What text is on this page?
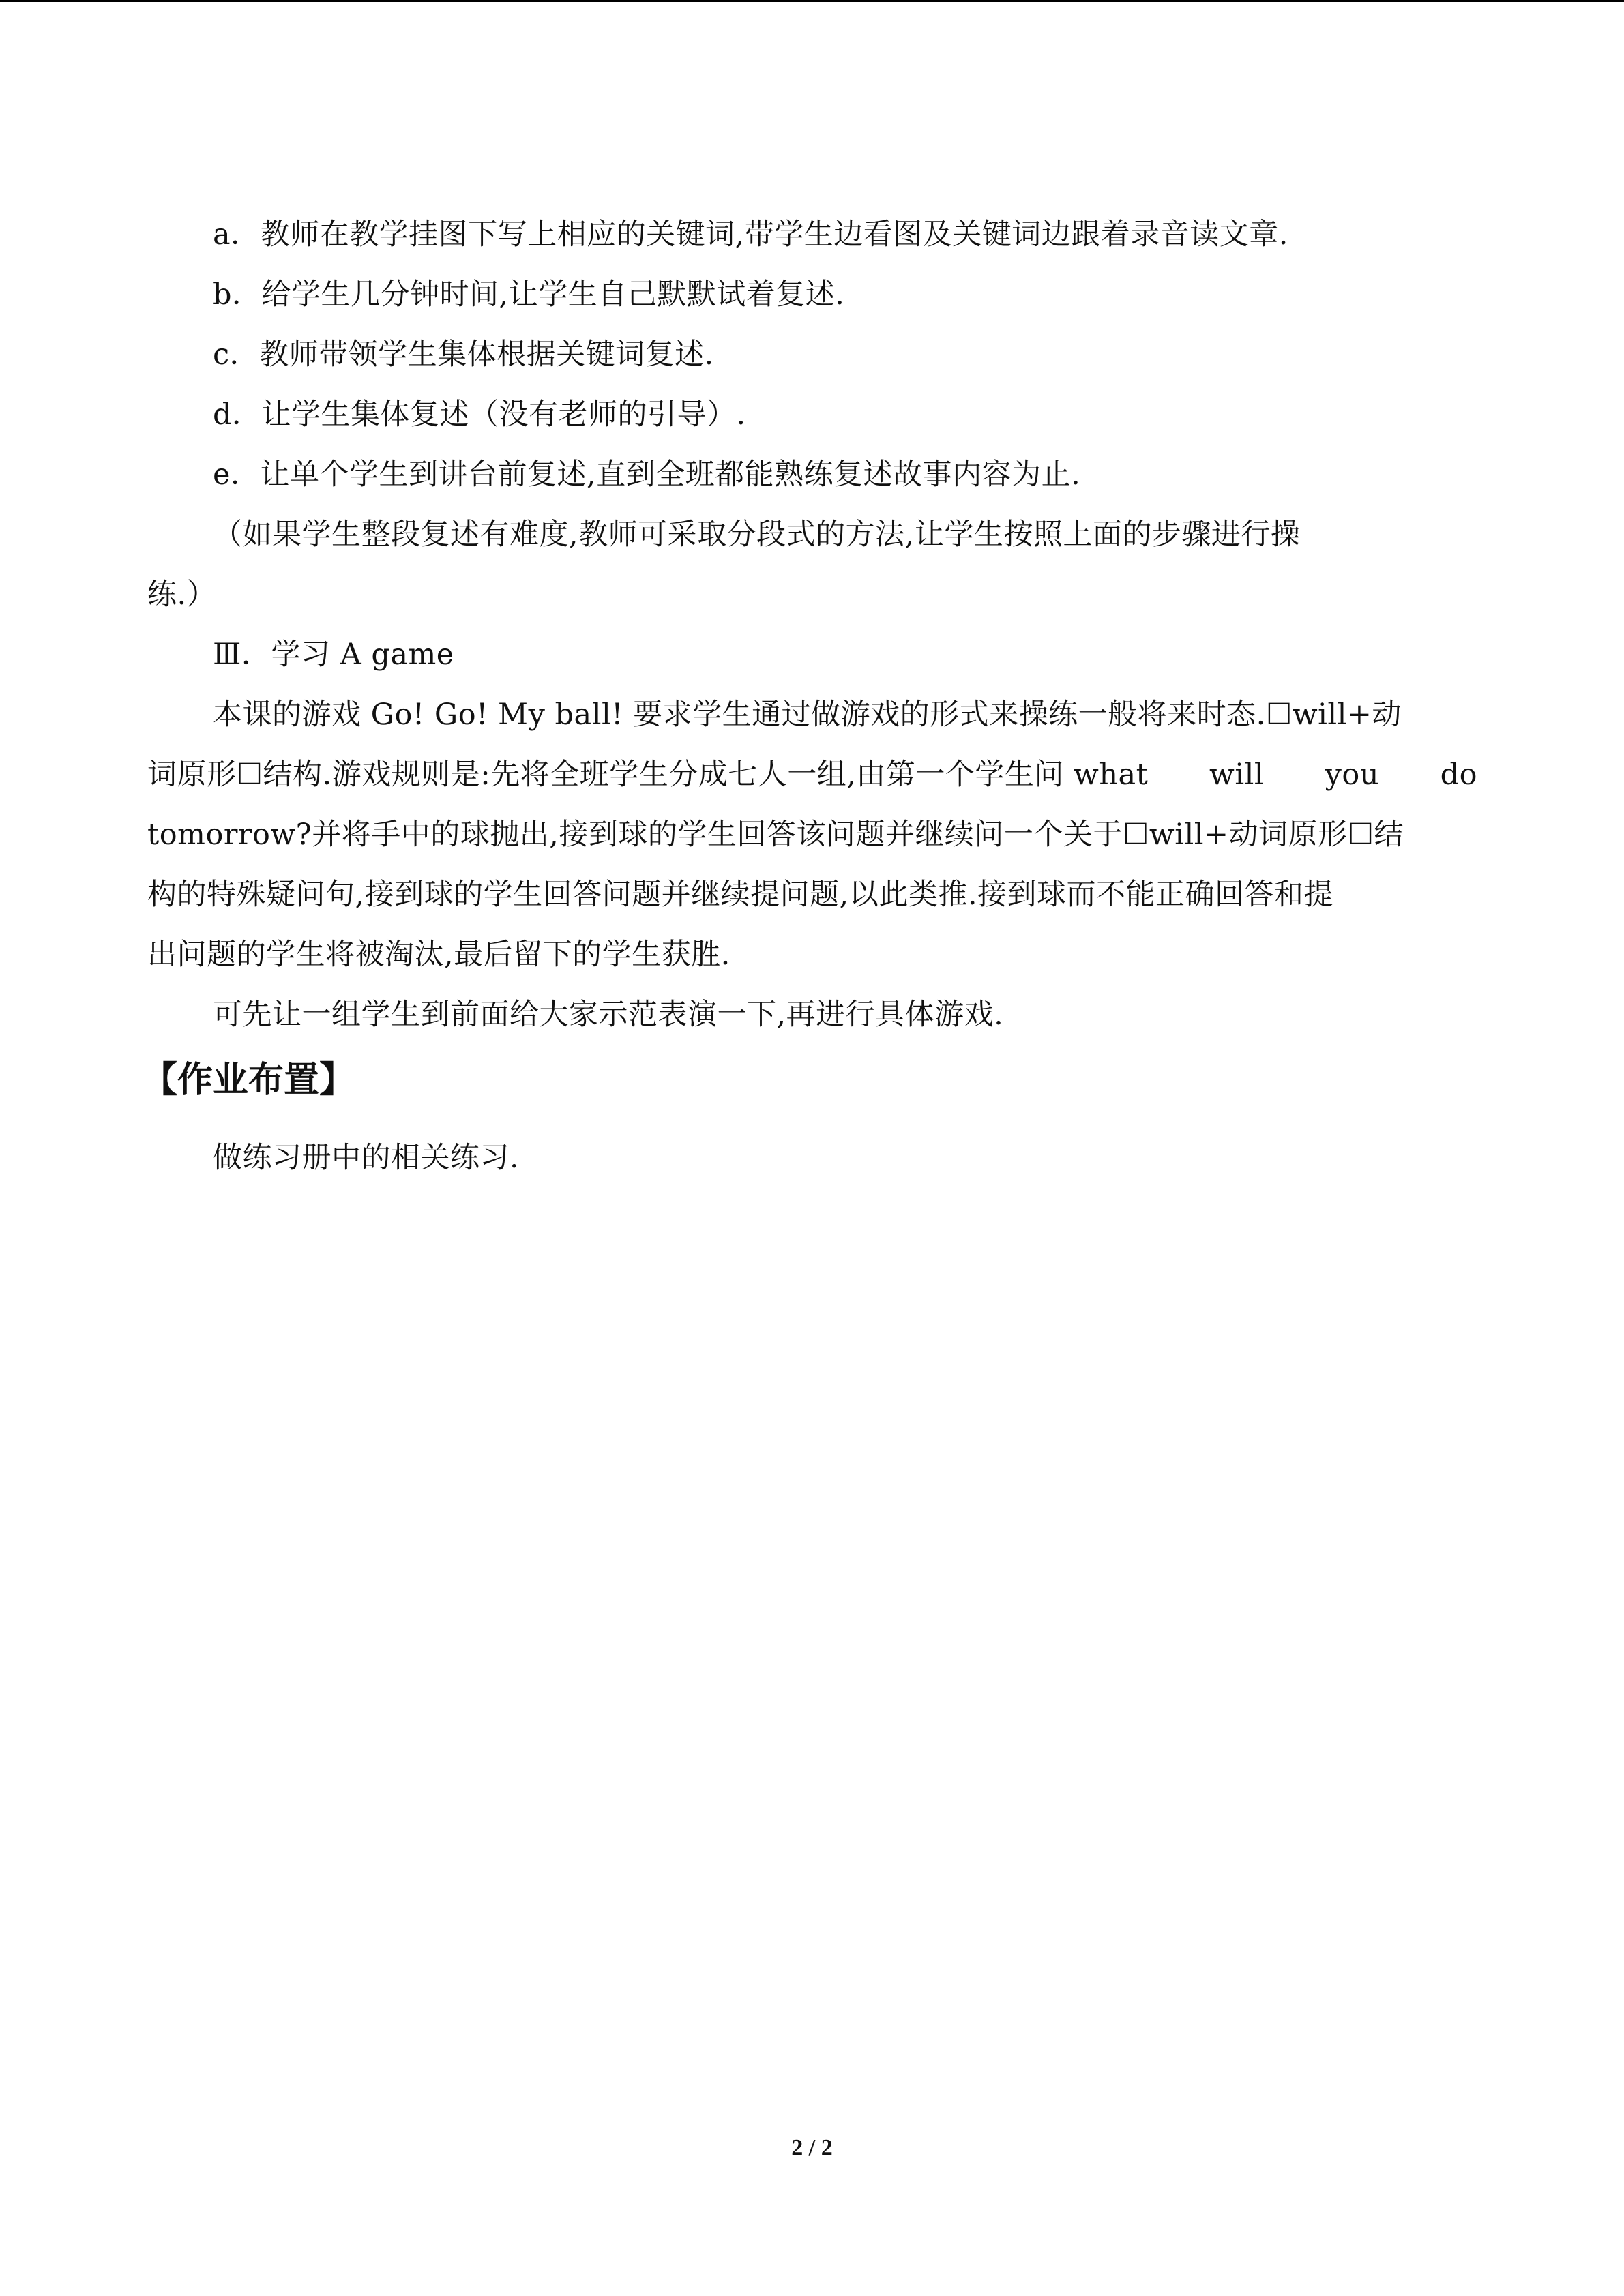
a．教师在教学挂图下写上相应的关键词,带学生边看图及关键词边跟着录音读文章.
b．给学生几分钟时间,让学生自己默默试着复述.
c．教师带领学生集体根据关键词复述.
d．让学生集体复述（没有老师的引导）.
e．让单个学生到讲台前复述,直到全班都能熟练复述故事内容为止.
（如果学生整段复述有难度,教师可采取分段式的方法,让学生按照上面的步骤进行操
练.）
Ⅲ．学习 A game
本课的游戏 Go! Go! My ball! 要求学生通过做游戏的形式来操练一般将来时态.☐will+动
词原形☐结构.游戏规则是:先将全班学生分成七人一组,由第一个学生问 what will you do
tomorrow?并将手中的球抛出,接到球的学生回答该问题并继续问一个关于☐will+动词原形☐结
构的特殊疑问句,接到球的学生回答问题并继续提问题,以此类推.接到球而不能正确回答和提
出问题的学生将被淘汰,最后留下的学生获胜.
可先让一组学生到前面给大家示范表演一下,再进行具体游戏.
【作业布置】
做练习册中的相关练习.
2 / 2
